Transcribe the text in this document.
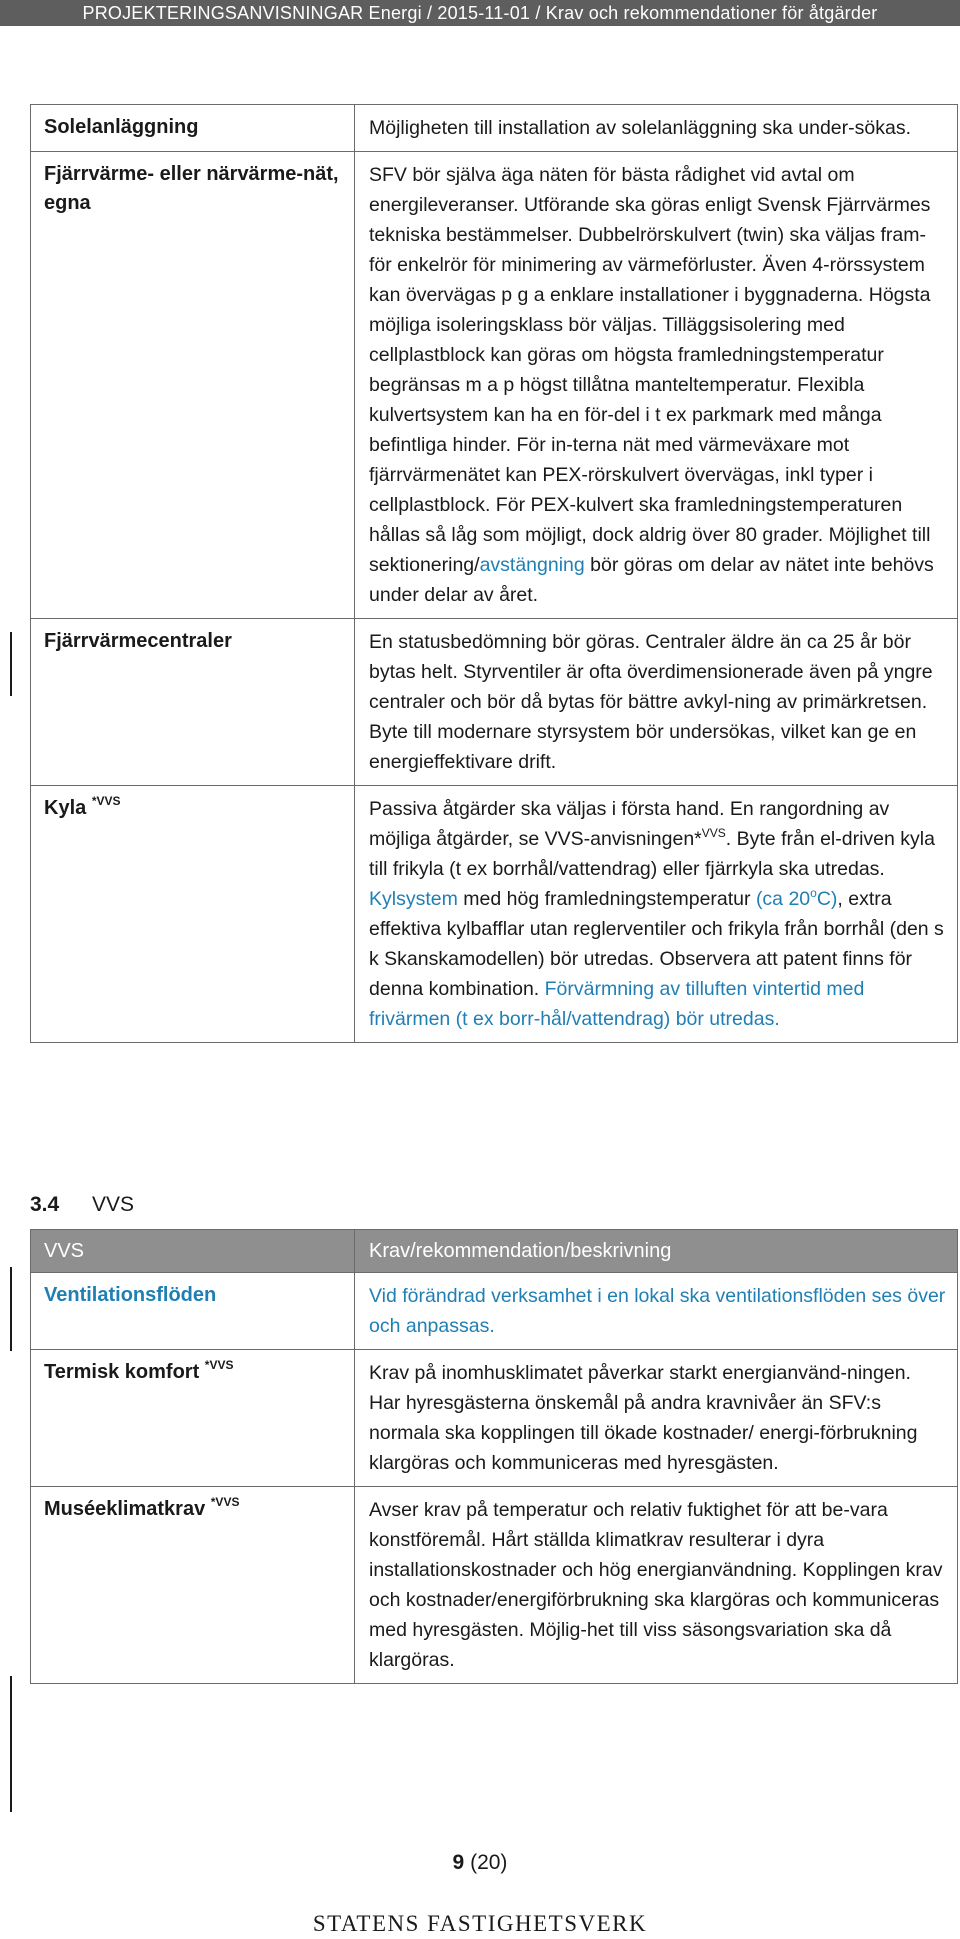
PROJEKTERINGSANVISNINGAR Energi / 2015-11-01 / Krav och rekommendationer för åtgärder
Solelanläggning	Möjligheten till installation av solelanläggning ska under-sökas.
Fjärrvärme- eller närvärme-nät, egna	SFV bör själva äga näten för bästa rådighet vid avtal om energileveranser. Utförande ska göras enligt Svensk Fjärrvärmes tekniska bestämmelser. Dubbelrörskulvert (twin) ska väljas fram-för enkelrör för minimering av värmeförluster. Även 4-rörssystem kan övervägas p g a enklare installationer i byggnaderna. Högsta möjliga isoleringsklass bör väljas. Tilläggsisolering med cellplastblock kan göras om högsta framledningstemperatur begränsas m a p högst tillåtna manteltemperatur. Flexibla kulvertsystem kan ha en för-del i t ex parkmark med många befintliga hinder. För in-terna nät med värmeväxare mot fjärrvärmenätet kan PEX-rörskulvert övervägas, inkl typer i cellplastblock. För PEX-kulvert ska framledningstemperaturen hållas så låg som möjligt, dock aldrig över 80 grader. Möjlighet till sektionering/avstängning bör göras om delar av nätet inte behövs under delar av året.
Fjärrvärmecentraler	En statusbedömning bör göras. Centraler äldre än ca 25 år bör bytas helt. Styrventiler är ofta överdimensionerade även på yngre centraler och bör då bytas för bättre avkyl-ning av primärkretsen. Byte till modernare styrsystem bör undersökas, vilket kan ge en energieffektivare drift.
Kyla $^{*VVS}$	Passiva åtgärder ska väljas i första hand. En rangordning av möjliga åtgärder, se VVS-anvisningen*$^{VVS}$. Byte från el-driven kyla till frikyla (t ex borrhål/vattendrag) eller fjärrkyla ska utredas. Kylsystem med hög framledningstemperatur (ca 20$^o$C), extra effektiva kylbafflar utan reglerventiler och frikyla från borrhål (den s k Skanskamodellen) bör utredas. Observera att patent finns för denna kombination. Förvärmning av tilluften vintertid med frivärmen (t ex borr-hål/vattendrag) bör utredas.
3.4 VVS
VVS	Krav/rekommendation/beskrivning
Ventilationsflöden	Vid förändrad verksamhet i en lokal ska ventilationsflöden ses över och anpassas.
Termisk komfort $^{*VVS}$	Krav på inomhusklimatet påverkar starkt energianvänd-ningen. Har hyresgästerna önskemål på andra kravnivåer än SFV:s normala ska kopplingen till ökade kostnader/ energi-förbrukning klargöras och kommuniceras med hyresgästen.
Muséeklimatkrav $^{*VVS}$	Avser krav på temperatur och relativ fuktighet för att be-vara konstföremål. Hårt ställda klimatkrav resulterar i dyra installationskostnader och hög energianvändning. Kopplingen krav och kostnader/energiförbrukning ska klargöras och kommuniceras med hyresgästen. Möjlig-het till viss säsongsvariation ska då klargöras.
9 (20)
STATENS FASTIGHETSVERK
